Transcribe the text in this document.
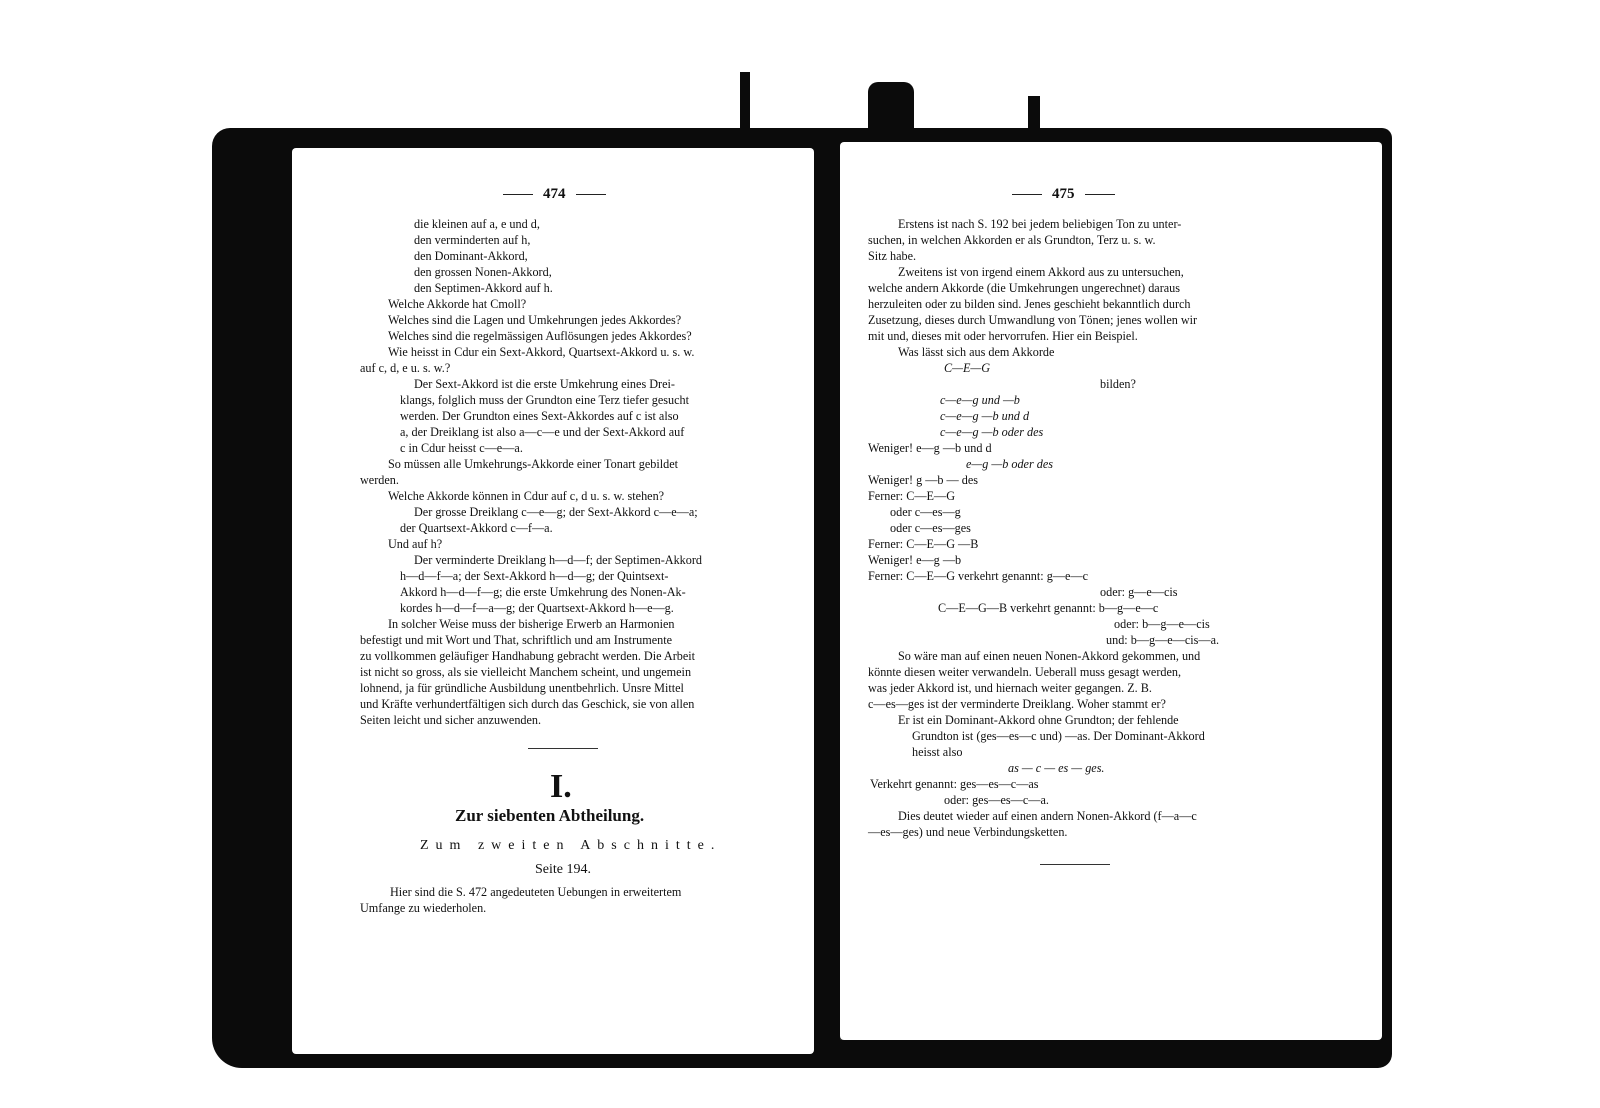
474
die kleinen auf a, e und d,
den verminderten auf h,
den Dominant-Akkord,
den grossen Nonen-Akkord,
den Septimen-Akkord auf h.
Welche Akkorde hat Cmoll?
Welches sind die Lagen und Umkehrungen jedes Akkordes?
Welches sind die regelmässigen Auflösungen jedes Akkordes?
Wie heisst in Cdur ein Sext-Akkord, Quartsext-Akkord u. s. w.
auf c, d, e u. s. w.?
Der Sext-Akkord ist die erste Umkehrung eines Drei-
klangs, folglich muss der Grundton eine Terz tiefer gesucht
werden. Der Grundton eines Sext-Akkordes auf c ist also
a, der Dreiklang ist also a—c—e und der Sext-Akkord auf
c in Cdur heisst c—e—a.
So müssen alle Umkehrungs-Akkorde einer Tonart gebildet
werden.
Welche Akkorde können in Cdur auf c, d u. s. w. stehen?
Der grosse Dreiklang c—e—g; der Sext-Akkord c—e—a;
der Quartsext-Akkord c—f—a.
Und auf h?
Der verminderte Dreiklang h—d—f; der Septimen-Akkord
h—d—f—a; der Sext-Akkord h—d—g; der Quintsext-
Akkord h—d—f—g; die erste Umkehrung des Nonen-Ak-
kordes h—d—f—a—g; der Quartsext-Akkord h—e—g.
In solcher Weise muss der bisherige Erwerb an Harmonien
befestigt und mit Wort und That, schriftlich und am Instrumente
zu vollkommen geläufiger Handhabung gebracht werden. Die Arbeit
ist nicht so gross, als sie vielleicht Manchem scheint, und ungemein
lohnend, ja für gründliche Ausbildung unentbehrlich. Unsre Mittel
und Kräfte verhundertfältigen sich durch das Geschick, sie von allen
Seiten leicht und sicher anzuwenden.
I.
Zur siebenten Abtheilung.
Zum zweiten Abschnitte.
Seite 194.
Hier sind die S. 472 angedeuteten Uebungen in erweitertem
Umfange zu wiederholen.
475
Erstens ist nach S. 192 bei jedem beliebigen Ton zu unter-
suchen, in welchen Akkorden er als Grundton, Terz u. s. w.
Sitz habe.
Zweitens ist von irgend einem Akkord aus zu untersuchen,
welche andern Akkorde (die Umkehrungen ungerechnet) daraus
herzuleiten oder zu bilden sind. Jenes geschieht bekanntlich durch
Zusetzung, dieses durch Umwandlung von Tönen; jenes wollen wir
mit und, dieses mit oder hervorrufen. Hier ein Beispiel.
Was lässt sich aus dem Akkorde
C—E—G
bilden?
c—e—g und —b
c—e—g —b und d
c—e—g —b oder des
Weniger! e—g —b und d
e—g —b oder des
Weniger! g —b — des
Ferner: C—E—G
oder c—es—g
oder c—es—ges
Ferner: C—E—G —B
Weniger! e—g —b
Ferner: C—E—G verkehrt genannt: g—e—c
oder: g—e—cis
C—E—G—B verkehrt genannt: b—g—e—c
oder: b—g—e—cis
und: b—g—e—cis—a.
So wäre man auf einen neuen Nonen-Akkord gekommen, und
könnte diesen weiter verwandeln. Ueberall muss gesagt werden,
was jeder Akkord ist, und hiernach weiter gegangen. Z. B.
c—es—ges ist der verminderte Dreiklang. Woher stammt er?
Er ist ein Dominant-Akkord ohne Grundton; der fehlende
Grundton ist (ges—es—c und) —as. Der Dominant-Akkord
heisst also
as — c — es — ges.
Verkehrt genannt: ges—es—c—as
oder: ges—es—c—a.
Dies deutet wieder auf einen andern Nonen-Akkord (f—a—c
—es—ges) und neue Verbindungsketten.
